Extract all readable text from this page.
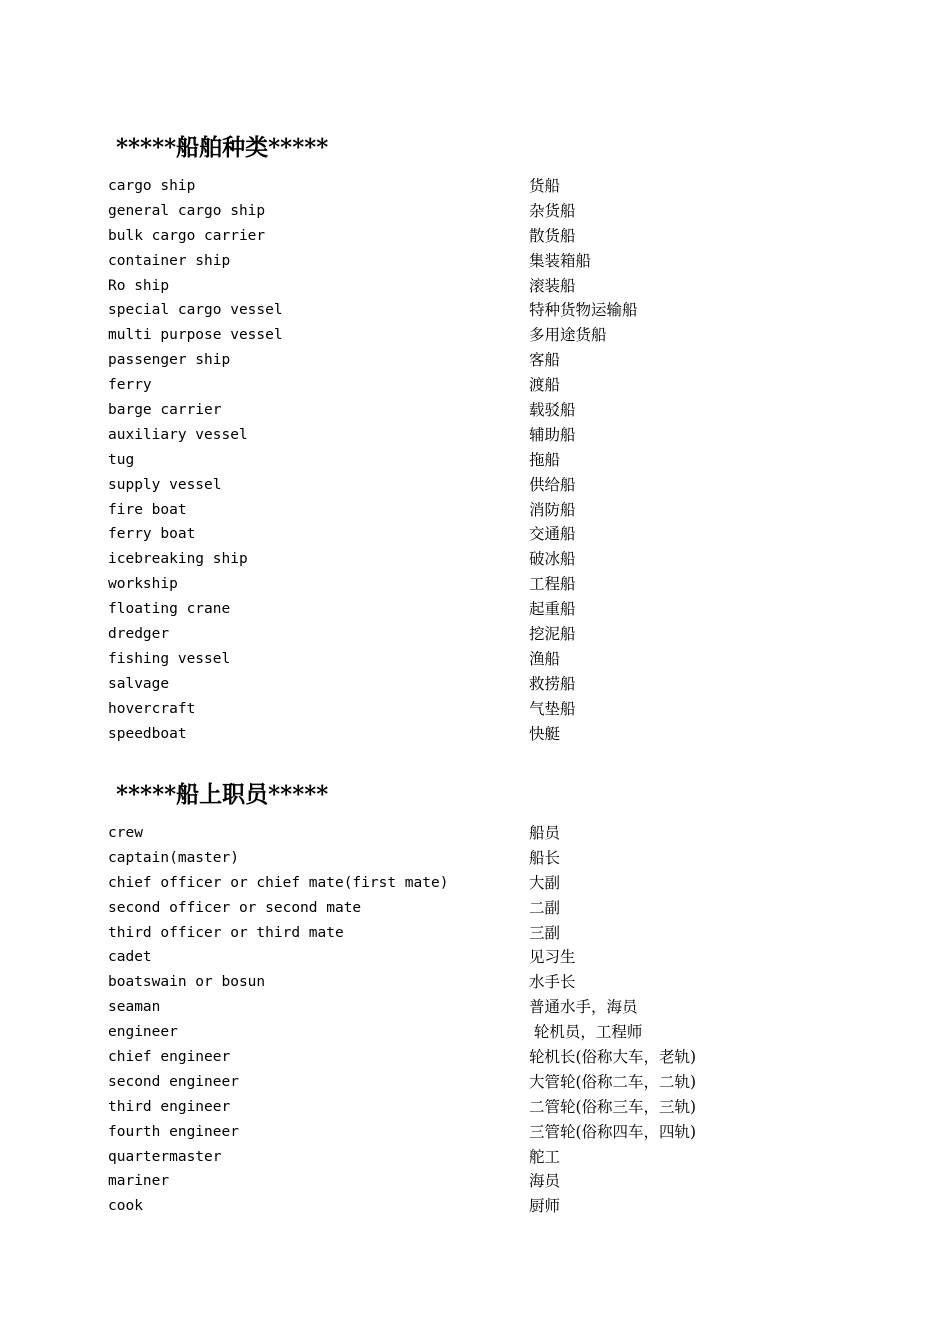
*****船舶种类*****
cargo ship	货船
general cargo ship	杂货船
bulk cargo carrier	散货船
container ship	集装箱船
Ro ship	滚装船
special cargo vessel	特种货物运输船
multi purpose vessel	多用途货船
passenger ship	客船
ferry	渡船
barge carrier	载驳船
auxiliary vessel	辅助船
tug	拖船
supply vessel	供给船
fire boat	消防船
ferry boat	交通船
icebreaking ship	破冰船
workship	工程船
floating crane	起重船
dredger	挖泥船
fishing vessel	渔船
salvage	救捞船
hovercraft	气垫船
speedboat	快艇
*****船上职员*****
crew	船员
captain(master)	船长
chief officer or chief mate(first mate)	大副
second officer or second mate	二副
third officer or third mate	三副
cadet	见习生
boatswain or bosun	水手长
seaman	普通水手，海员
engineer	轮机员，工程师
chief engineer	轮机长(俗称大车，老轨)
second engineer	大管轮(俗称二车，二轨)
third engineer	二管轮(俗称三车，三轨)
fourth engineer	三管轮(俗称四车，四轨)
quartermaster	舵工
mariner	海员
cook	厨师
